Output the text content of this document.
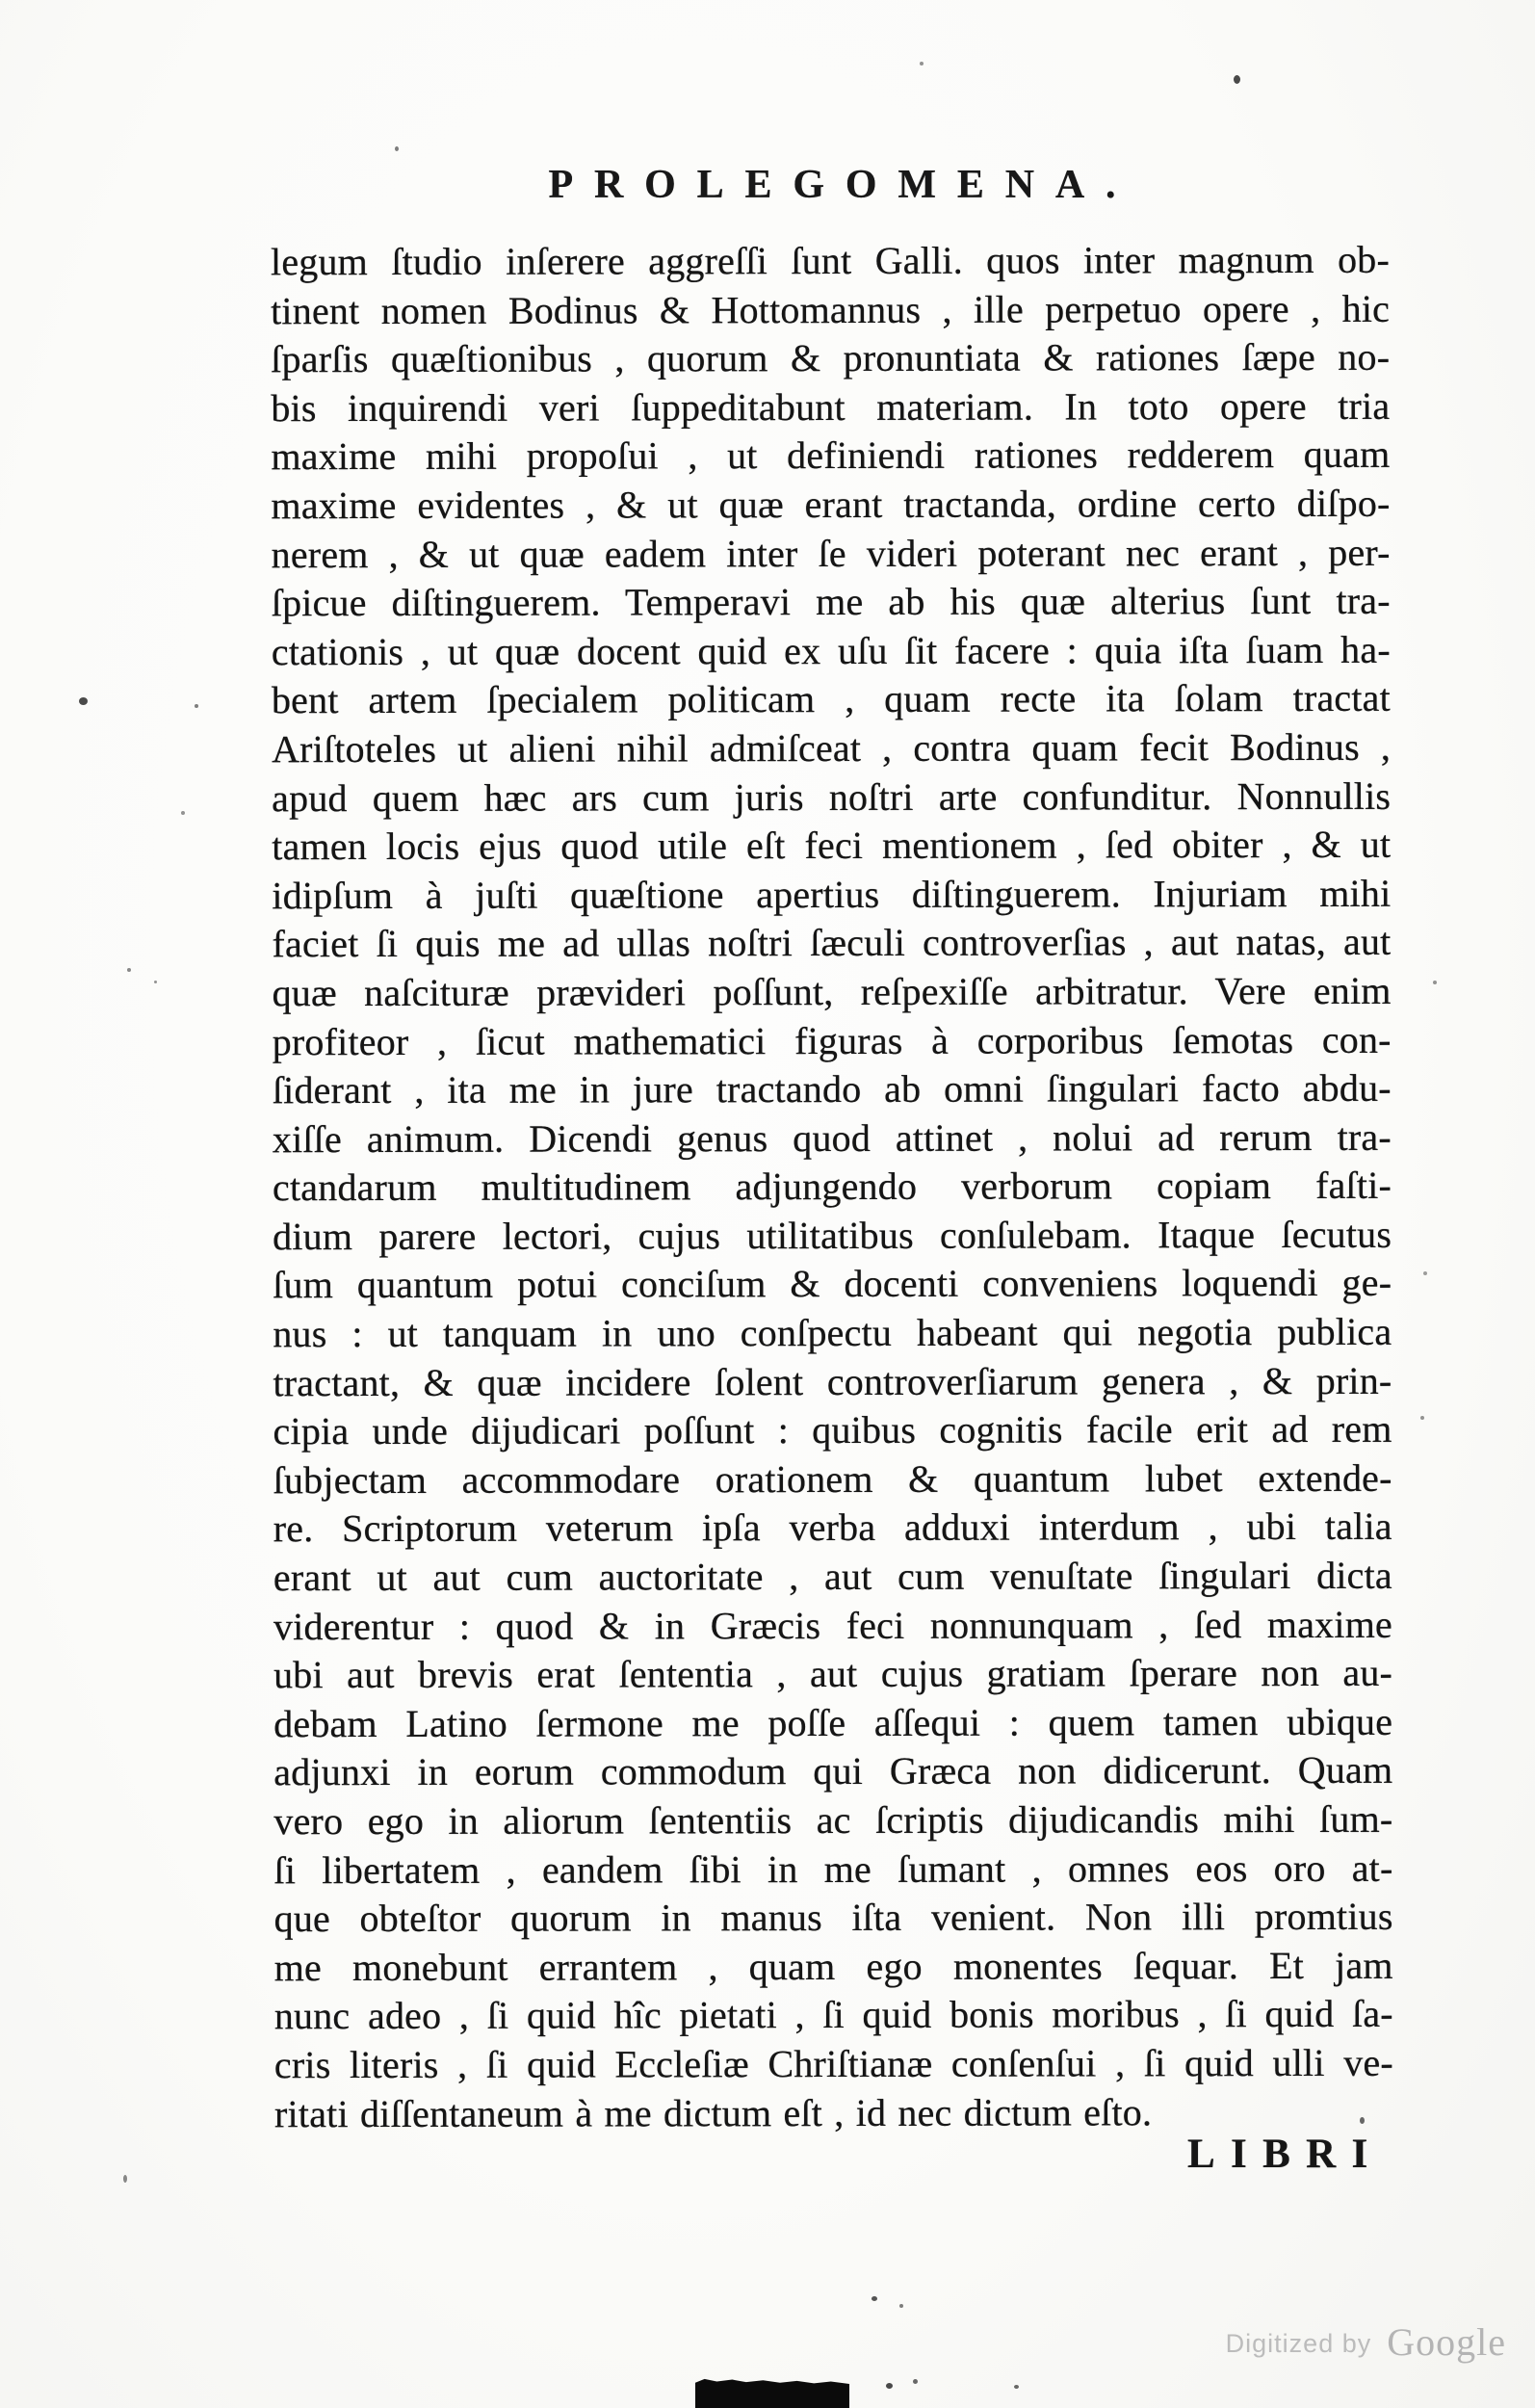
PROLEGOMENA.
legum ſtudio inſerere aggreſſi ſunt Galli. quos inter magnum ob-
tinent nomen Bodinus & Hottomannus , ille perpetuo opere , hic
ſparſis quæſtionibus , quorum & pronuntiata & rationes ſæpe no-
bis inquirendi veri ſuppeditabunt materiam. In toto opere tria
maxime mihi propoſui , ut definiendi rationes redderem quam
maxime evidentes , & ut quæ erant tractanda, ordine certo diſpo-
nerem , & ut quæ eadem inter ſe videri poterant nec erant , per-
ſpicue diſtinguerem. Temperavi me ab his quæ alterius ſunt tra-
ctationis , ut quæ docent quid ex uſu ſit facere : quia iſta ſuam ha-
bent artem ſpecialem politicam , quam recte ita ſolam tractat
Ariſtoteles ut alieni nihil admiſceat , contra quam fecit Bodinus ,
apud quem hæc ars cum juris noſtri arte confunditur. Nonnullis
tamen locis ejus quod utile eſt feci mentionem , ſed obiter , & ut
idipſum à juſti quæſtione apertius diſtinguerem. Injuriam mihi
faciet ſi quis me ad ullas noſtri ſæculi controverſias , aut natas, aut
quæ naſcituræ prævideri poſſunt, reſpexiſſe arbitratur. Vere enim
profiteor , ſicut mathematici figuras à corporibus ſemotas con-
ſiderant , ita me in jure tractando ab omni ſingulari facto abdu-
xiſſe animum. Dicendi genus quod attinet , nolui ad rerum tra-
ctandarum multitudinem adjungendo verborum copiam faſti-
dium parere lectori, cujus utilitatibus conſulebam. Itaque ſecutus
ſum quantum potui conciſum & docenti conveniens loquendi ge-
nus : ut tanquam in uno conſpectu habeant qui negotia publica
tractant, & quæ incidere ſolent controverſiarum genera , & prin-
cipia unde dijudicari poſſunt : quibus cognitis facile erit ad rem
ſubjectam accommodare orationem & quantum lubet extende-
re. Scriptorum veterum ipſa verba adduxi interdum , ubi talia
erant ut aut cum auctoritate , aut cum venuſtate ſingulari dicta
viderentur : quod & in Græcis feci nonnunquam , ſed maxime
ubi aut brevis erat ſententia , aut cujus gratiam ſperare non au-
debam Latino ſermone me poſſe aſſequi : quem tamen ubique
adjunxi in eorum commodum qui Græca non didicerunt. Quam
vero ego in aliorum ſententiis ac ſcriptis dijudicandis mihi ſum-
ſi libertatem , eandem ſibi in me ſumant , omnes eos oro at-
que obteſtor quorum in manus iſta venient. Non illi promtius
me monebunt errantem , quam ego monentes ſequar. Et jam
nunc adeo , ſi quid hîc pietati , ſi quid bonis moribus , ſi quid ſa-
cris literis , ſi quid Eccleſiæ Chriſtianæ conſenſui , ſi quid ulli ve-
ritati diſſentaneum à me dictum eſt , id nec dictum eſto.
LIBRI
Digitized by Google
